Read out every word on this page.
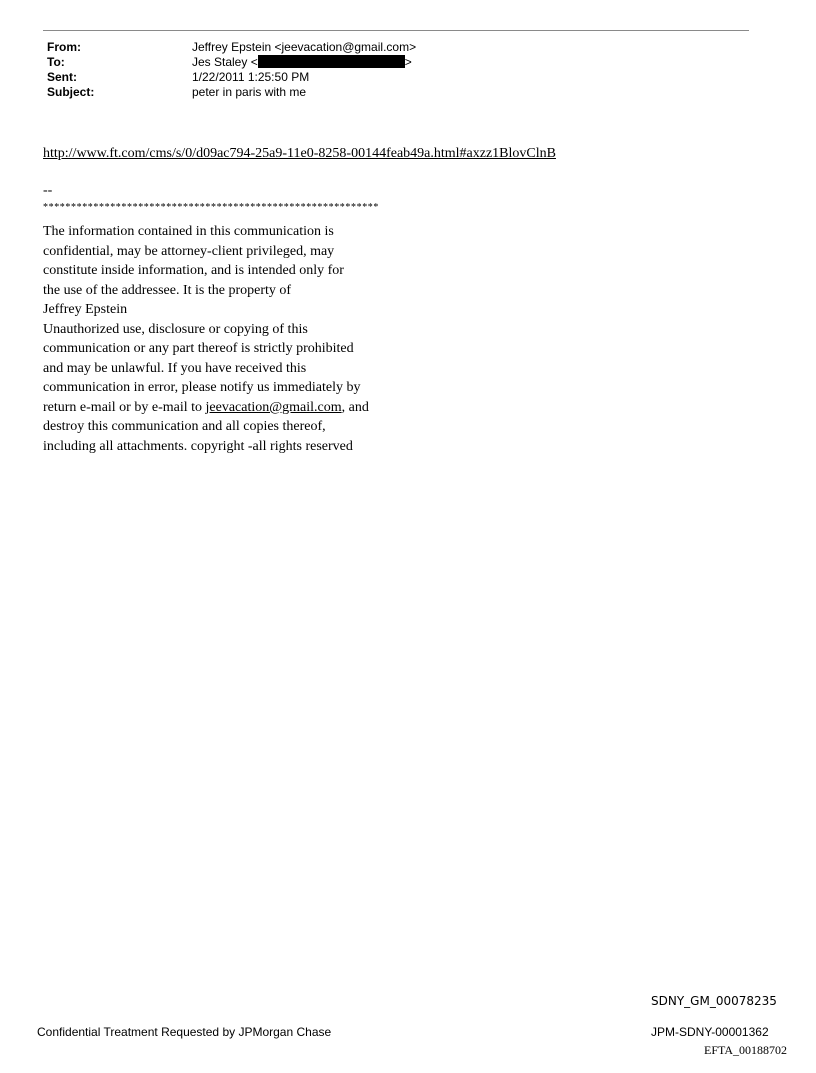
From:	Jeffrey Epstein <jeevacation@gmail.com>
To:	Jes Staley <	>
Sent:	1/22/2011 1:25:50 PM
Subject:	peter in paris with me
http://www.ft.com/cms/s/0/d09ac794-25a9-11e0-8258-00144feab49a.html#axzz1BlovClnB
--
************************************************************
The information contained in this communication is
confidential, may be attorney-client privileged, may
constitute inside information, and is intended only for
the use of the addressee. It is the property of
Jeffrey Epstein
Unauthorized use, disclosure or copying of this
communication or any part thereof is strictly prohibited
and may be unlawful. If you have received this
communication in error, please notify us immediately by
return e-mail or by e-mail to jeevacation@gmail.com, and
destroy this communication and all copies thereof,
including all attachments. copyright -all rights reserved
SDNY_GM_00078235
Confidential Treatment Requested by JPMorgan Chase	JPM-SDNY-00001362
EFTA_00188702
